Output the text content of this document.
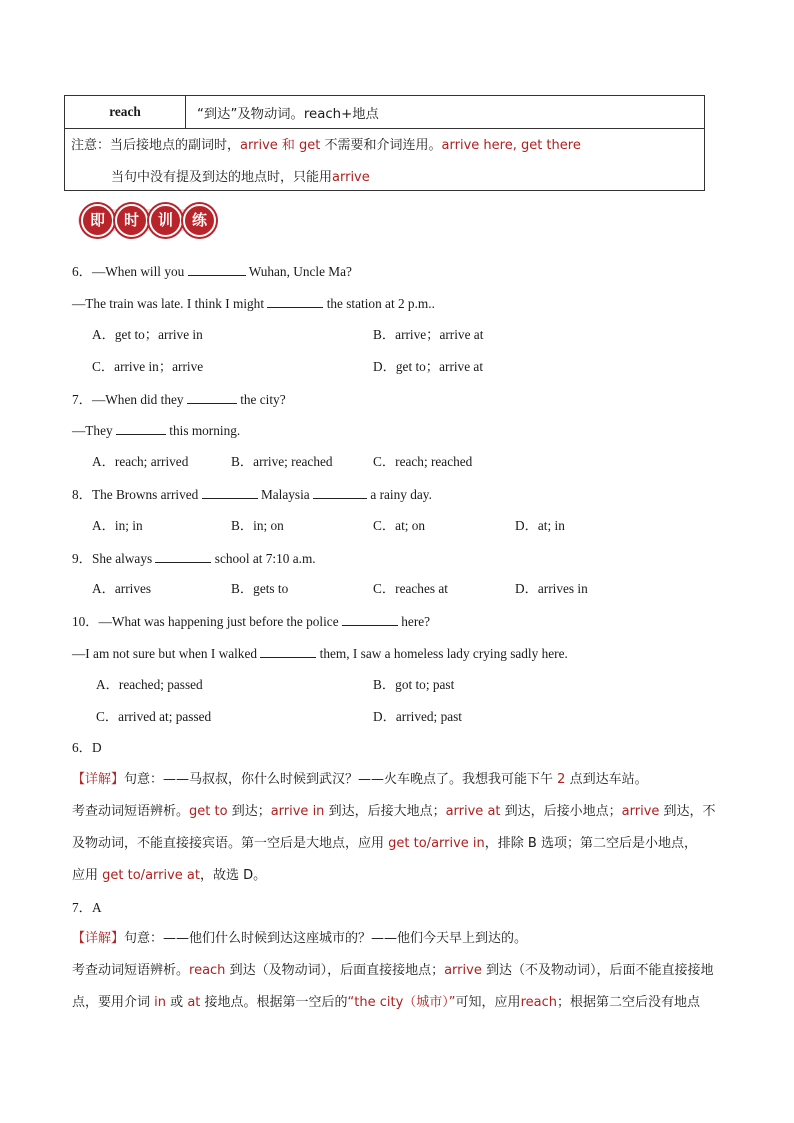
reach	“到达”及物动词。reach+地点
注意：当后接地点的副词时，arrive 和 get 不需要和介词连用。arrive here, get there
当句中没有提及到达的地点时，只能用arrive
即	时	训	练
6．—When will you	Wuhan, Uncle Ma?
—The train was late. I think I might	the station at 2 p.m..
A．get to；arrive in	B．arrive；arrive at
C．arrive in；arrive	D．get to；arrive at
7．—When did they	the city?
—They	this morning.
A．reach; arrived	B．arrive; reached	C．reach; reached
8．The Browns arrived	Malaysia	a rainy day.
A．in; in	B．in; on	C．at; on	D．at; in
9．She always	school at 7:10 a.m.
A．arrives	B．gets to	C．reaches at	D．arrives in
10．—What was happening just before the police	here?
—I am not sure but when I walked	them, I saw a homeless lady crying sadly here.
A．reached; passed	B．got to; past
C．arrived at; passed	D．arrived; past
6．D
【详解】句意：——马叔叔，你什么时候到武汉？——火车晚点了。我想我可能下午 2 点到达车站。
考查动词短语辨析。get to 到达；arrive in 到达，后接大地点；arrive at 到达，后接小地点；arrive 到达，不
及物动词，不能直接接宾语。第一空后是大地点，应用 get to/arrive in，排除 B 选项；第二空后是小地点，
应用 get to/arrive at，故选 D。
7．A
【详解】句意：——他们什么时候到达这座城市的？——他们今天早上到达的。
考查动词短语辨析。reach 到达（及物动词），后面直接接地点；arrive 到达（不及物动词），后面不能直接接地
点，要用介词 in 或 at 接地点。根据第一空后的“the city（城市）”可知，应用reach；根据第二空后没有地点
